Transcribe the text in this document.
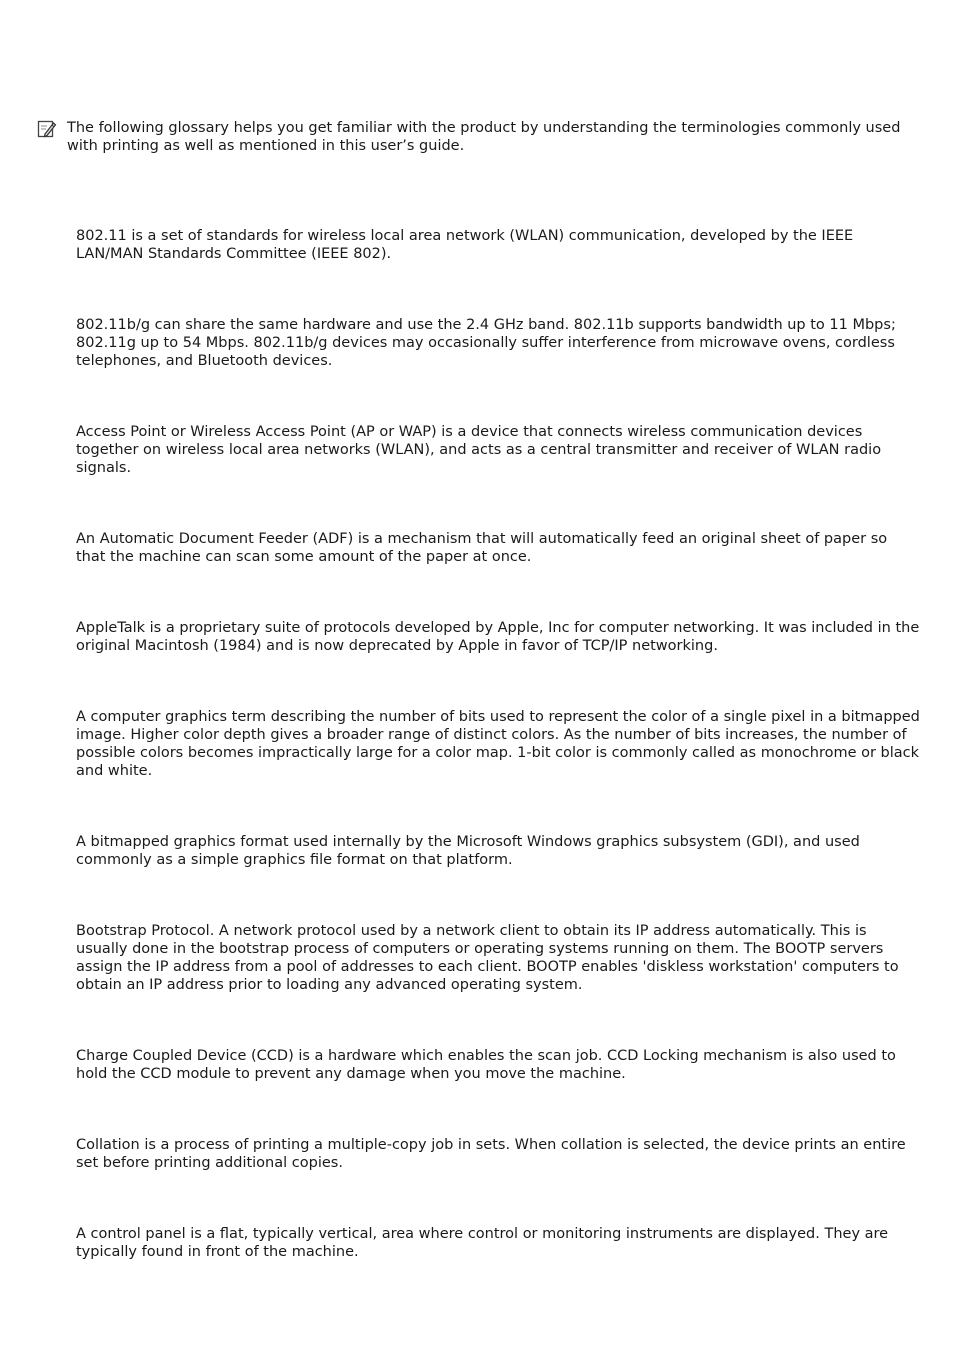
The following glossary helps you get familiar with the product by understanding the terminologies commonly used with printing as well as mentioned in this user’s guide.

802.11 is a set of standards for wireless local area network (WLAN) communication, developed by the IEEE LAN/MAN Standards Committee (IEEE 802).

802.11b/g can share the same hardware and use the 2.4 GHz band. 802.11b supports bandwidth up to 11 Mbps; 802.11g up to 54 Mbps. 802.11b/g devices may occasionally suffer interference from microwave ovens, cordless telephones, and Bluetooth devices.

Access Point or Wireless Access Point (AP or WAP) is a device that connects wireless communication devices together on wireless local area networks (WLAN), and acts as a central transmitter and receiver of WLAN radio signals.

An Automatic Document Feeder (ADF) is a mechanism that will automatically feed an original sheet of paper so that the machine can scan some amount of the paper at once.

AppleTalk is a proprietary suite of protocols developed by Apple, Inc for computer networking. It was included in the original Macintosh (1984) and is now deprecated by Apple in favor of TCP/IP networking.

A computer graphics term describing the number of bits used to represent the color of a single pixel in a bitmapped image. Higher color depth gives a broader range of distinct colors. As the number of bits increases, the number of possible colors becomes impractically large for a color map. 1-bit color is commonly called as monochrome or black and white.

A bitmapped graphics format used internally by the Microsoft Windows graphics subsystem (GDI), and used commonly as a simple graphics file format on that platform.

Bootstrap Protocol. A network protocol used by a network client to obtain its IP address automatically. This is usually done in the bootstrap process of computers or operating systems running on them. The BOOTP servers assign the IP address from a pool of addresses to each client. BOOTP enables 'diskless workstation' computers to obtain an IP address prior to loading any advanced operating system.

Charge Coupled Device (CCD) is a hardware which enables the scan job. CCD Locking mechanism is also used to hold the CCD module to prevent any damage when you move the machine.

Collation is a process of printing a multiple-copy job in sets. When collation is selected, the device prints an entire set before printing additional copies.

A control panel is a flat, typically vertical, area where control or monitoring instruments are displayed. They are typically found in front of the machine.
